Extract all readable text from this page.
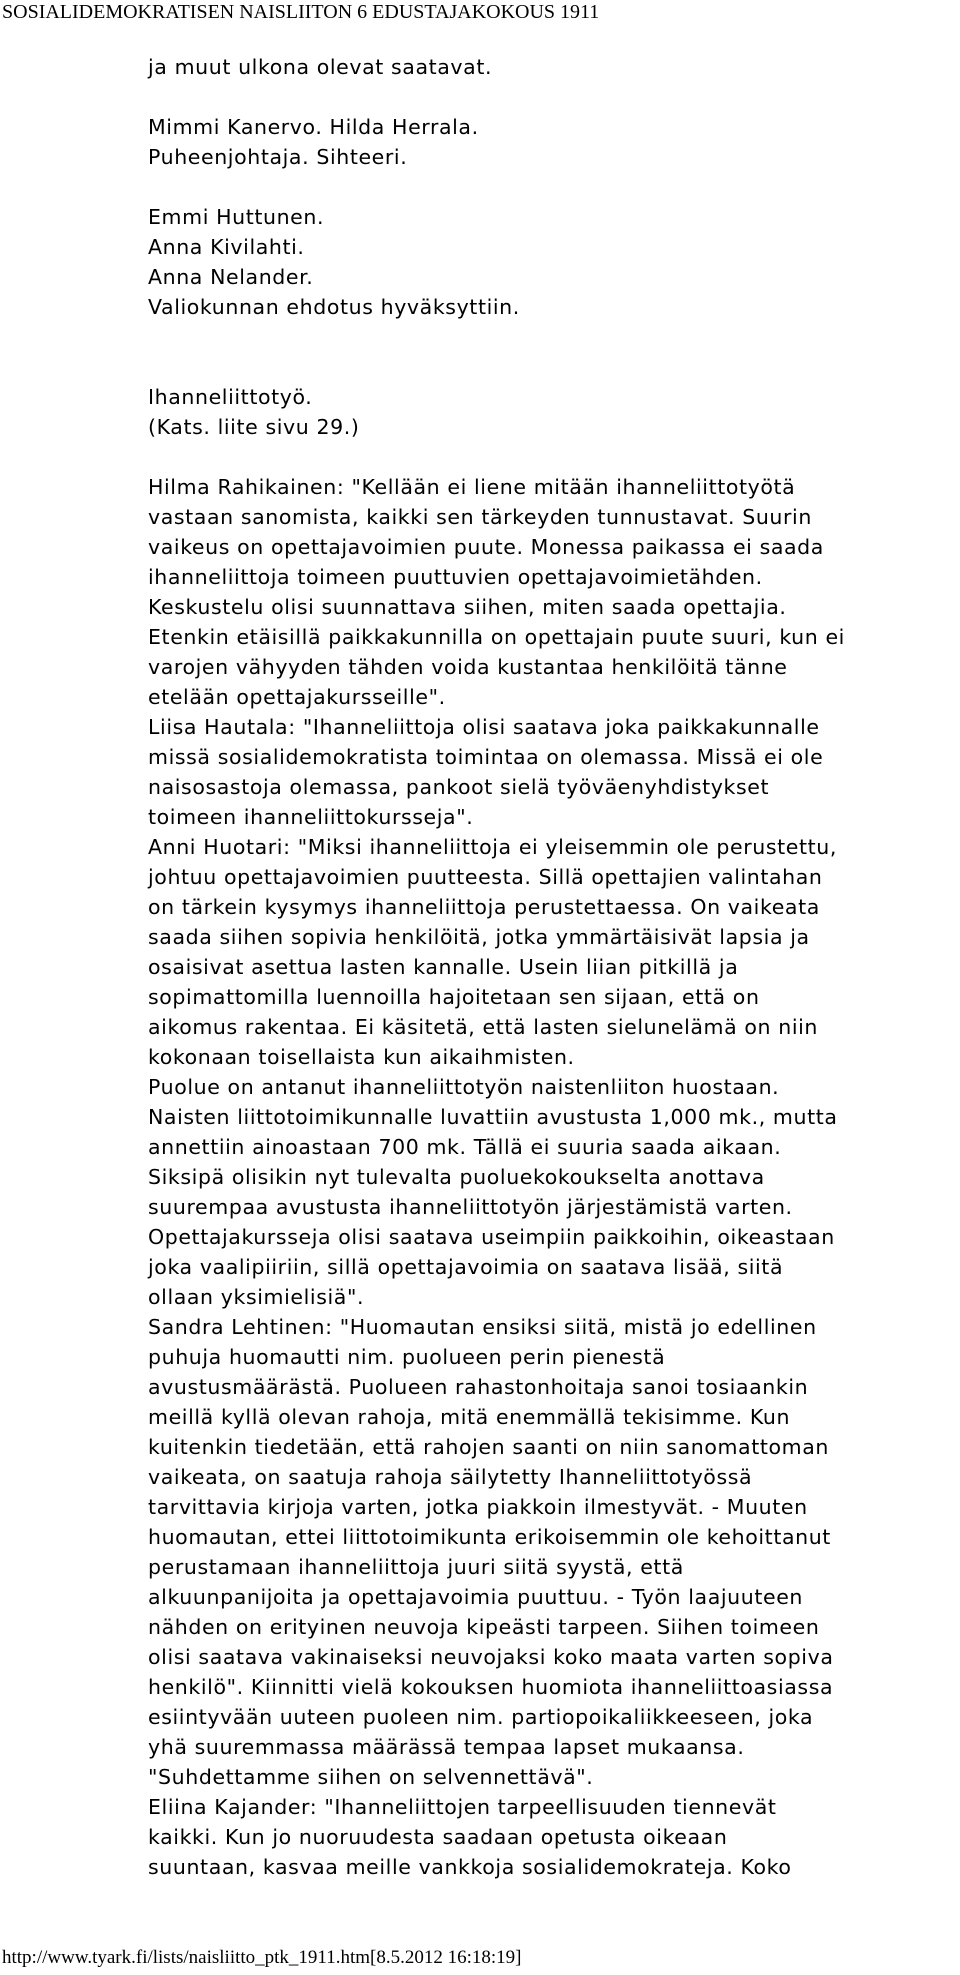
SOSIALIDEMOKRATISEN NAISLIITON 6 EDUSTAJAKOKOUS 1911
ja muut ulkona olevat saatavat.
Mimmi Kanervo. Hilda Herrala.
Puheenjohtaja. Sihteeri.
Emmi Huttunen.
Anna Kivilahti.
Anna Nelander.
Valiokunnan ehdotus hyväksyttiin.
Ihanneliittotyö.
(Kats. liite sivu 29.)
Hilma Rahikainen: "Kellään ei liene mitään ihanneliittotyötä
vastaan sanomista, kaikki sen tärkeyden tunnustavat. Suurin
vaikeus on opettajavoimien puute. Monessa paikassa ei saada
ihanneliittoja toimeen puuttuvien opettajavoimietähden.
Keskustelu olisi suunnattava siihen, miten saada opettajia.
Etenkin etäisillä paikkakunnilla on opettajain puute suuri, kun ei
varojen vähyyden tähden voida kustantaa henkilöitä tänne
etelään opettajakursseille".
Liisa Hautala: "Ihanneliittoja olisi saatava joka paikkakunnalle
missä sosialidemokratista toimintaa on olemassa. Missä ei ole
naisosastoja olemassa, pankoot sielä työväenyhdistykset
toimeen ihanneliittokursseja".
Anni Huotari: "Miksi ihanneliittoja ei yleisemmin ole perustettu,
johtuu opettajavoimien puutteesta. Sillä opettajien valintahan
on tärkein kysymys ihanneliittoja perustettaessa. On vaikeata
saada siihen sopivia henkilöitä, jotka ymmärtäisivät lapsia ja
osaisivat asettua lasten kannalle. Usein liian pitkillä ja
sopimattomilla luennoilla hajoitetaan sen sijaan, että on
aikomus rakentaa. Ei käsitetä, että lasten sielunelämä on niin
kokonaan toisellaista kun aikaihmisten.
Puolue on antanut ihanneliittotyön naistenliiton huostaan.
Naisten liittotoimikunnalle luvattiin avustusta 1,000 mk., mutta
annettiin ainoastaan 700 mk. Tällä ei suuria saada aikaan.
Siksipä olisikin nyt tulevalta puoluekokoukselta anottava
suurempaa avustusta ihanneliittotyön järjestämistä varten.
Opettajakursseja olisi saatava useimpiin paikkoihin, oikeastaan
joka vaalipiiriin, sillä opettajavoimia on saatava lisää, siitä
ollaan yksimielisiä".
Sandra Lehtinen: "Huomautan ensiksi siitä, mistä jo edellinen
puhuja huomautti nim. puolueen perin pienestä
avustusmäärästä. Puolueen rahastonhoitaja sanoi tosiaankin
meillä kyllä olevan rahoja, mitä enemmällä tekisimme. Kun
kuitenkin tiedetään, että rahojen saanti on niin sanomattoman
vaikeata, on saatuja rahoja säilytetty Ihanneliittotyössä
tarvittavia kirjoja varten, jotka piakkoin ilmestyvät. - Muuten
huomautan, ettei liittotoimikunta erikoisemmin ole kehoittanut
perustamaan ihanneliittoja juuri siitä syystä, että
alkuunpanijoita ja opettajavoimia puuttuu. - Työn laajuuteen
nähden on erityinen neuvoja kipeästi tarpeen. Siihen toimeen
olisi saatava vakinaiseksi neuvojaksi koko maata varten sopiva
henkilö". Kiinnitti vielä kokouksen huomiota ihanneliittoasiassa
esiintyvään uuteen puoleen nim. partiopoikaliikkeeseen, joka
yhä suuremmassa määrässä tempaa lapset mukaansa.
"Suhdettamme siihen on selvennettävä".
Eliina Kajander: "Ihanneliittojen tarpeellisuuden tiennevät
kaikki. Kun jo nuoruudesta saadaan opetusta oikeaan
suuntaan, kasvaa meille vankkoja sosialidemokrateja. Koko
http://www.tyark.fi/lists/naisliitto_ptk_1911.htm[8.5.2012 16:18:19]
